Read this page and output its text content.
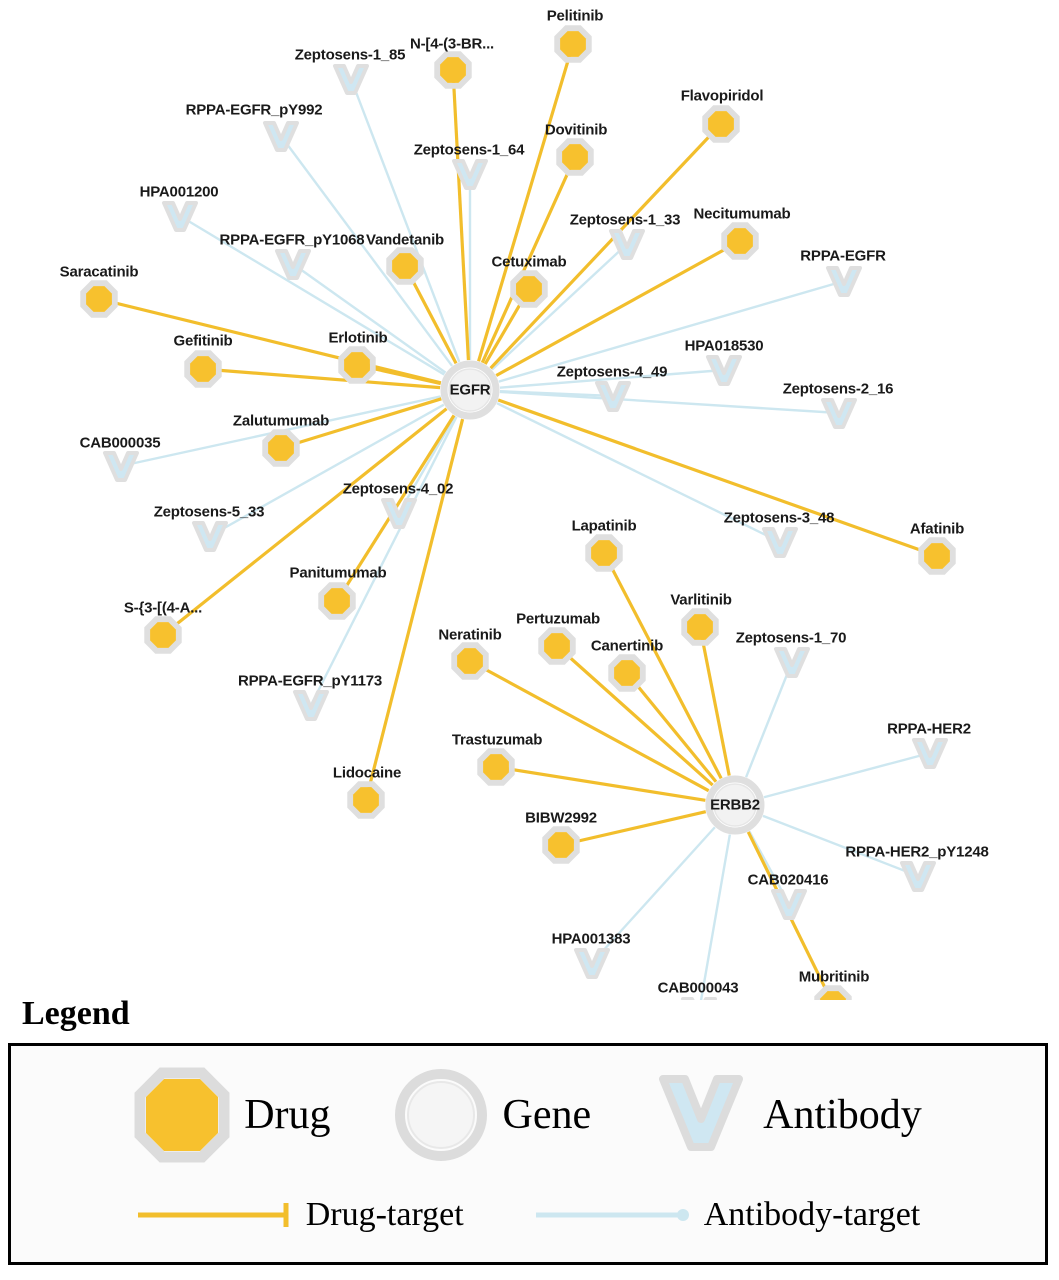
Pelitinib
N-[4-(3-BR...
Flavopiridol
Dovitinib
Necitumumab
Vandetanib
Cetuximab
Saracatinib
Erlotinib
Gefitinib
Zalutumumab
Afatinib
Lapatinib
Panitumumab
Varlitinib
S-{3-[(4-A...
Pertuzumab
Neratinib
Canertinib
Trastuzumab
Lidocaine
BIBW2992
Mubritinib
Zeptosens-1_85
RPPA-EGFR_pY992
Zeptosens-1_64
HPA001200
Zeptosens-1_33
RPPA-EGFR_pY1068
RPPA-EGFR
HPA018530
Zeptosens-4_49
Zeptosens-2_16
CAB000035
Zeptosens-4_02
Zeptosens-5_33	Zeptosens-3_48
Zeptosens-1_70
RPPA-EGFR_pY1173
RPPA-HER2
RPPA-HER2_pY1248
CAB020416
HPA001383
CAB000043
EGFR
ERBB2
Legend
Drug	Gene	Antibody
Drug-target	Antibody-target
